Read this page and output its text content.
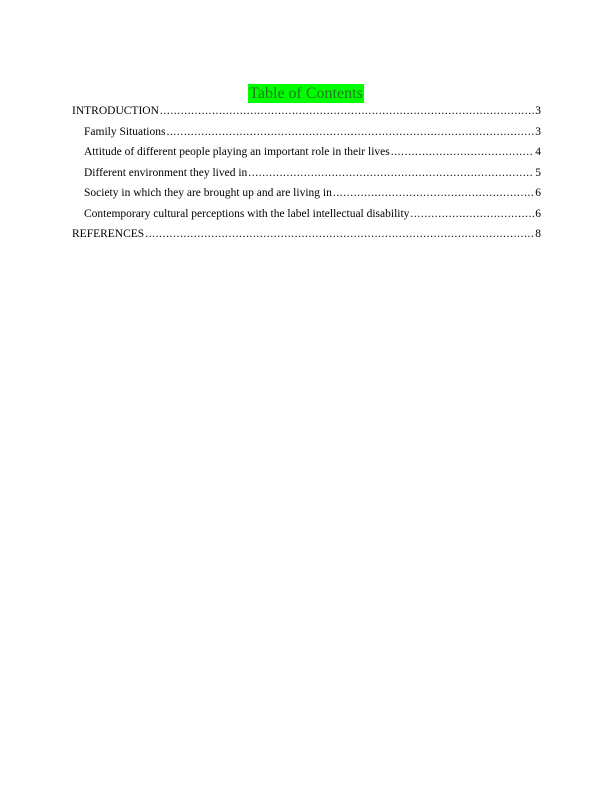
Table of Contents
INTRODUCTION .....	3
Family Situations .....	3
Attitude of different people playing an important role in their lives .....	4
Different environment they lived in .....	5
Society in which they are brought up and are living in .....	6
Contemporary cultural perceptions with the label intellectual disability .....	6
REFERENCES .....	8
